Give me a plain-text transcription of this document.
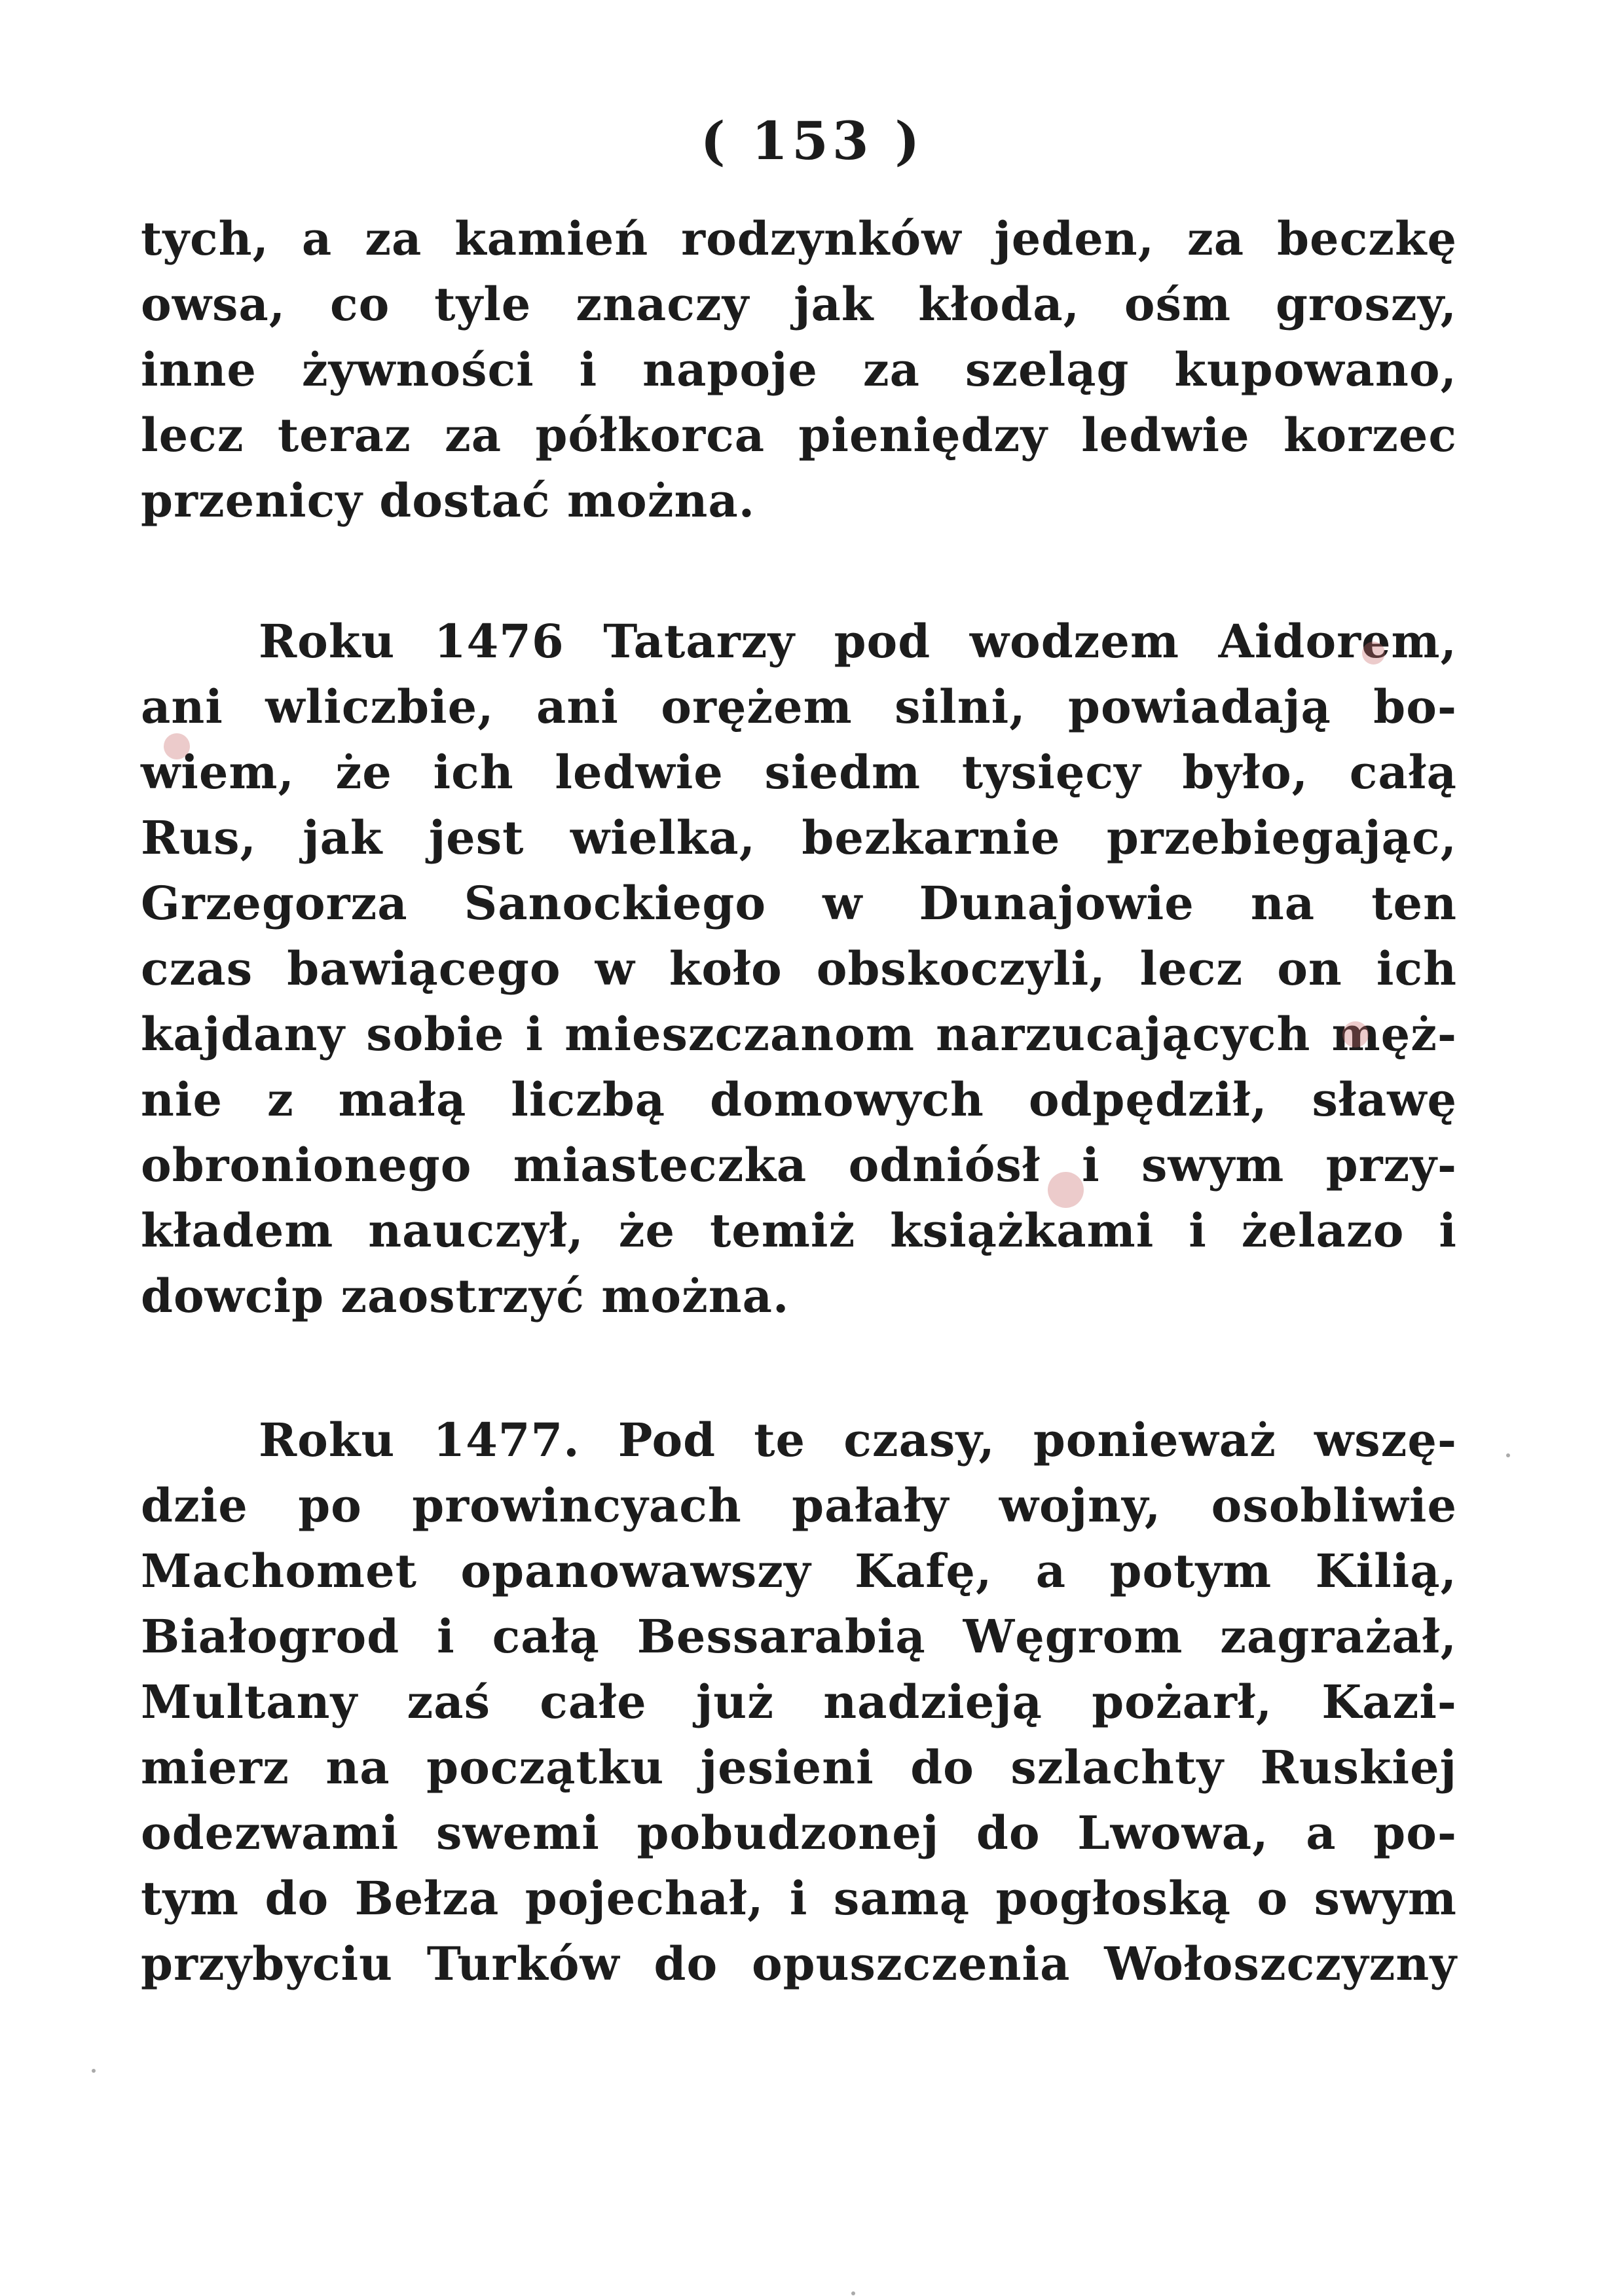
( 153 )
tych, a za kamień rodzynków jeden, za beczkę
owsa, co tyle znaczy jak kłoda, ośm groszy,
inne żywności i napoje za szeląg kupowano,
lecz teraz za półkorca pieniędzy ledwie korzec
przenicy dostać można.
Roku 1476 Tatarzy pod wodzem Aidorem,
ani wliczbie, ani orężem silni, powiadają bo-
wiem, że ich ledwie siedm tysięcy było, całą
Rus, jak jest wielka, bezkarnie przebiegając,
Grzegorza Sanockiego w Dunajowie na ten
czas bawiącego w koło obskoczyli, lecz on ich
kajdany sobie i mieszczanom narzucających męż-
nie z małą liczbą domowych odpędził, sławę
obronionego miasteczka odniósł i swym przy-
kładem nauczył, że temiż książkami i żelazo i
dowcip zaostrzyć można.
Roku 1477. Pod te czasy, ponieważ wszę-
dzie po prowincyach pałały wojny, osobliwie
Machomet opanowawszy Kafę, a potym Kilią,
Białogrod i całą Bessarabią Węgrom zagrażał,
Multany zaś całe już nadzieją pożarł, Kazi-
mierz na początku jesieni do szlachty Ruskiej
odezwami swemi pobudzonej do Lwowa, a po-
tym do Bełza pojechał, i samą pogłoską o swym
przybyciu Turków do opuszczenia Wołoszczyzny
